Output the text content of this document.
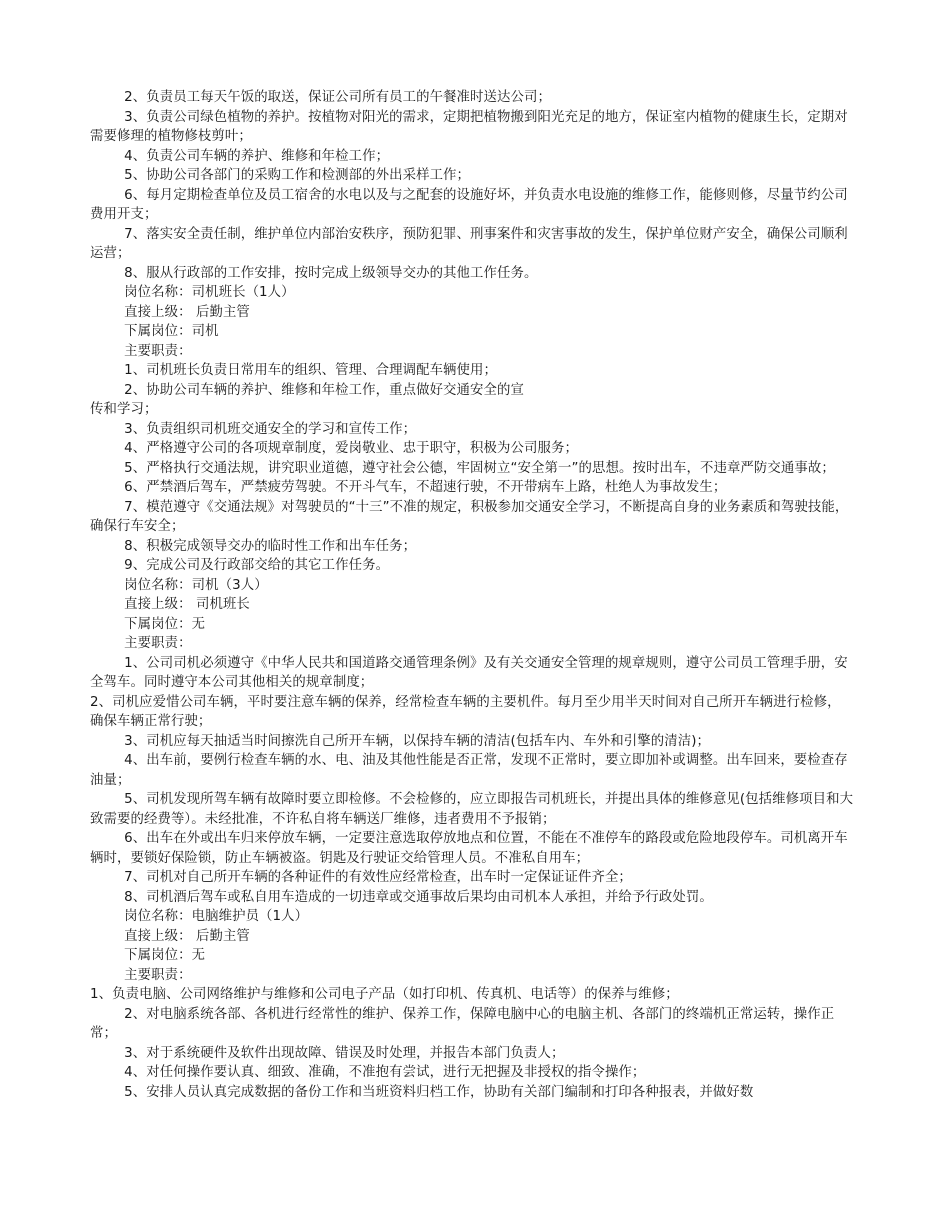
2、负责员工每天午饭的取送，保证公司所有员工的午餐准时送达公司；

3、负责公司绿色植物的养护。按植物对阳光的需求，定期把植物搬到阳光充足的地方，保证室内植物的健康生长，定期对需要修理的植物修枝剪叶；

4、负责公司车辆的养护、维修和年检工作；

5、协助公司各部门的采购工作和检测部的外出采样工作；

6、每月定期检查单位及员工宿舍的水电以及与之配套的设施好坏，并负责水电设施的维修工作，能修则修，尽量节约公司费用开支；

7、落实安全责任制，维护单位内部治安秩序，预防犯罪、刑事案件和灾害事故的发生，保护单位财产安全，确保公司顺利运营；

8、服从行政部的工作安排，按时完成上级领导交办的其他工作任务。

岗位名称：司机班长（1人）

直接上级： 后勤主管

下属岗位：司机

主要职责：

1、司机班长负责日常用车的组织、管理、合理调配车辆使用；

2、协助公司车辆的养护、维修和年检工作，重点做好交通安全的宣

传和学习；

3、负责组织司机班交通安全的学习和宣传工作；

4、严格遵守公司的各项规章制度，爱岗敬业、忠于职守，积极为公司服务；

5、严格执行交通法规，讲究职业道德，遵守社会公德，牢固树立“安全第一”的思想。按时出车，不违章严防交通事故；

6、严禁酒后驾车，严禁疲劳驾驶。不开斗气车，不超速行驶，不开带病车上路，杜绝人为事故发生；

7、模范遵守《交通法规》对驾驶员的“十三”不准的规定，积极参加交通安全学习，不断提高自身的业务素质和驾驶技能，确保行车安全；

8、积极完成领导交办的临时性工作和出车任务；

9、完成公司及行政部交给的其它工作任务。

岗位名称：司机（3人）

直接上级： 司机班长

下属岗位：无

主要职责：

1、公司司机必须遵守《中华人民共和国道路交通管理条例》及有关交通安全管理的规章规则，遵守公司员工管理手册，安全驾车。同时遵守本公司其他相关的规章制度；

2、司机应爱惜公司车辆，平时要注意车辆的保养，经常检查车辆的主要机件。每月至少用半天时间对自己所开车辆进行检修，确保车辆正常行驶；

3、司机应每天抽适当时间擦洗自己所开车辆，以保持车辆的清洁(包括车内、车外和引擎的清洁)；

4、出车前，要例行检查车辆的水、电、油及其他性能是否正常，发现不正常时，要立即加补或调整。出车回来，要检查存油量；

5、司机发现所驾车辆有故障时要立即检修。不会检修的，应立即报告司机班长，并提出具体的维修意见(包括维修项目和大致需要的经费等）。未经批准，不许私自将车辆送厂维修，违者费用不予报销；

6、出车在外或出车归来停放车辆，一定要注意选取停放地点和位置，不能在不准停车的路段或危险地段停车。司机离开车辆时，要锁好保险锁，防止车辆被盗。钥匙及行驶证交给管理人员。不准私自用车；

7、司机对自己所开车辆的各种证件的有效性应经常检查，出车时一定保证证件齐全；

8、司机酒后驾车或私自用车造成的一切违章或交通事故后果均由司机本人承担，并给予行政处罚。

岗位名称：电脑维护员（1人）

直接上级： 后勤主管

下属岗位：无

主要职责：

1、负责电脑、公司网络维护与维修和公司电子产品（如打印机、传真机、电话等）的保养与维修；

2、对电脑系统各部、各机进行经常性的维护、保养工作，保障电脑中心的电脑主机、各部门的终端机正常运转，操作正常；

3、对于系统硬件及软件出现故障、错误及时处理，并报告本部门负责人；

4、对任何操作要认真、细致、准确，不准抱有尝试，进行无把握及非授权的指令操作；

5、安排人员认真完成数据的备份工作和当班资料归档工作，协助有关部门编制和打印各种报表，并做好数
